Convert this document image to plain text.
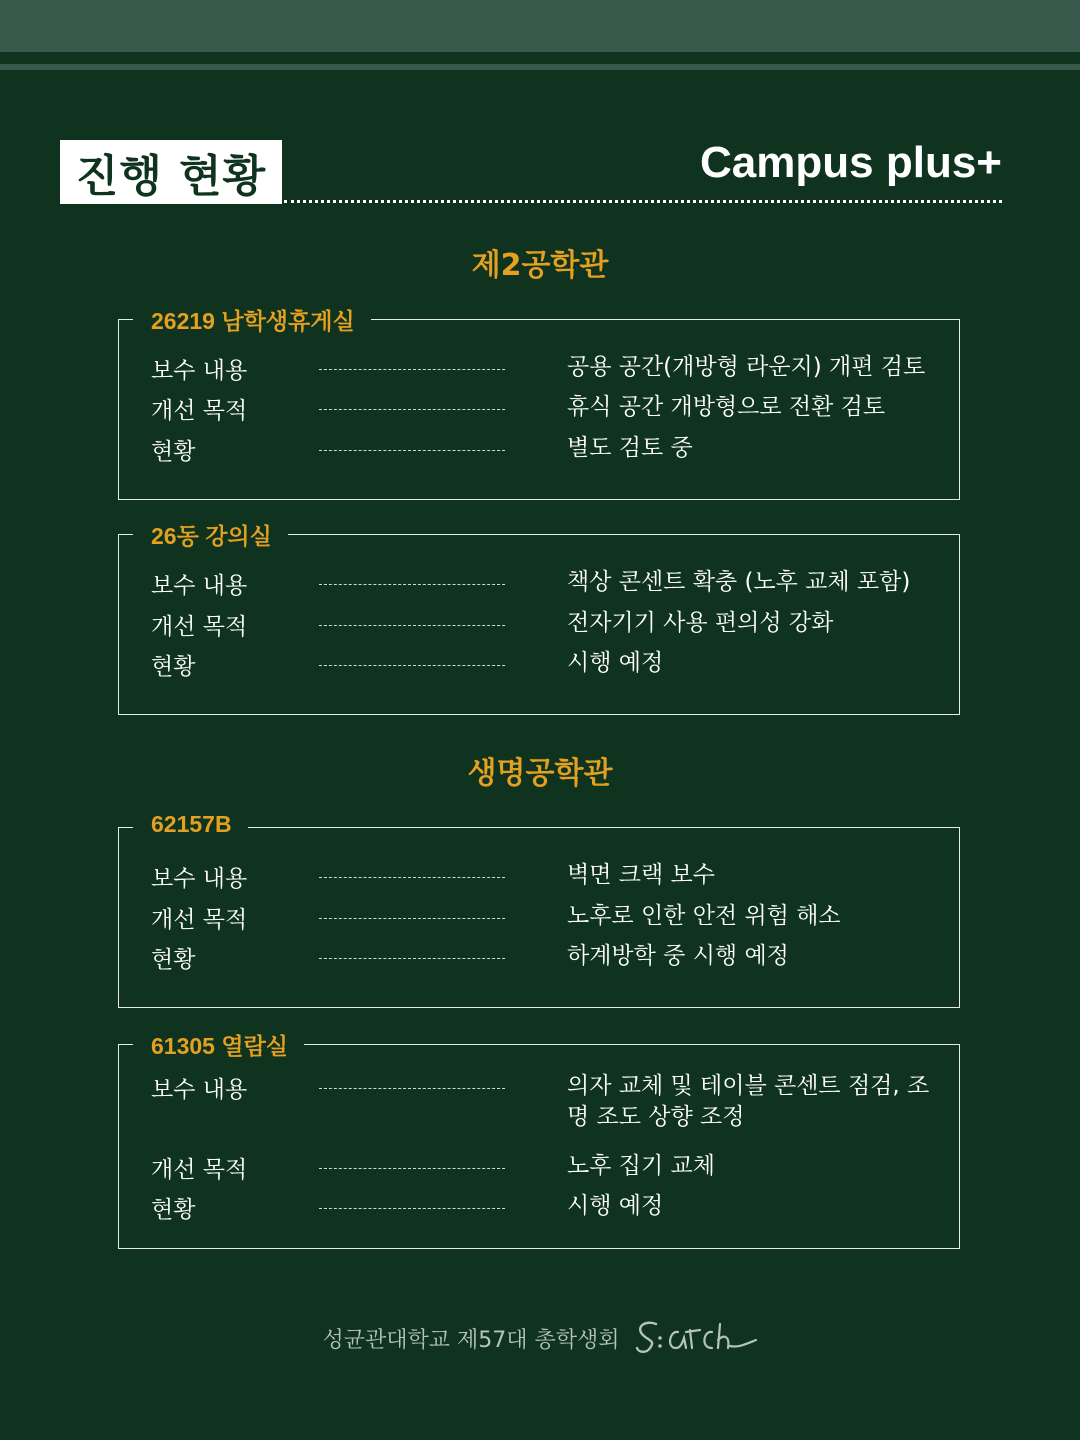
진행 현황	Campus plus+
제2공학관
26219 남학생휴게실
보수 내용	공용 공간(개방형 라운지) 개편 검토
개선 목적	휴식 공간 개방형으로 전환 검토
현황	별도 검토 중
26동 강의실
보수 내용	책상 콘센트 확충 (노후 교체 포함)
개선 목적	전자기기 사용 편의성 강화
현황	시행 예정
생명공학관
62157B
보수 내용	벽면 크랙 보수
개선 목적	노후로 인한 안전 위험 해소
현황	하계방학 중 시행 예정
61305 열람실
보수 내용	의자 교체 및 테이블 콘센트 점검, 조명 조도 상향 조정
개선 목적	노후 집기 교체
현황	시행 예정
성균관대학교 제57대 총학생회
